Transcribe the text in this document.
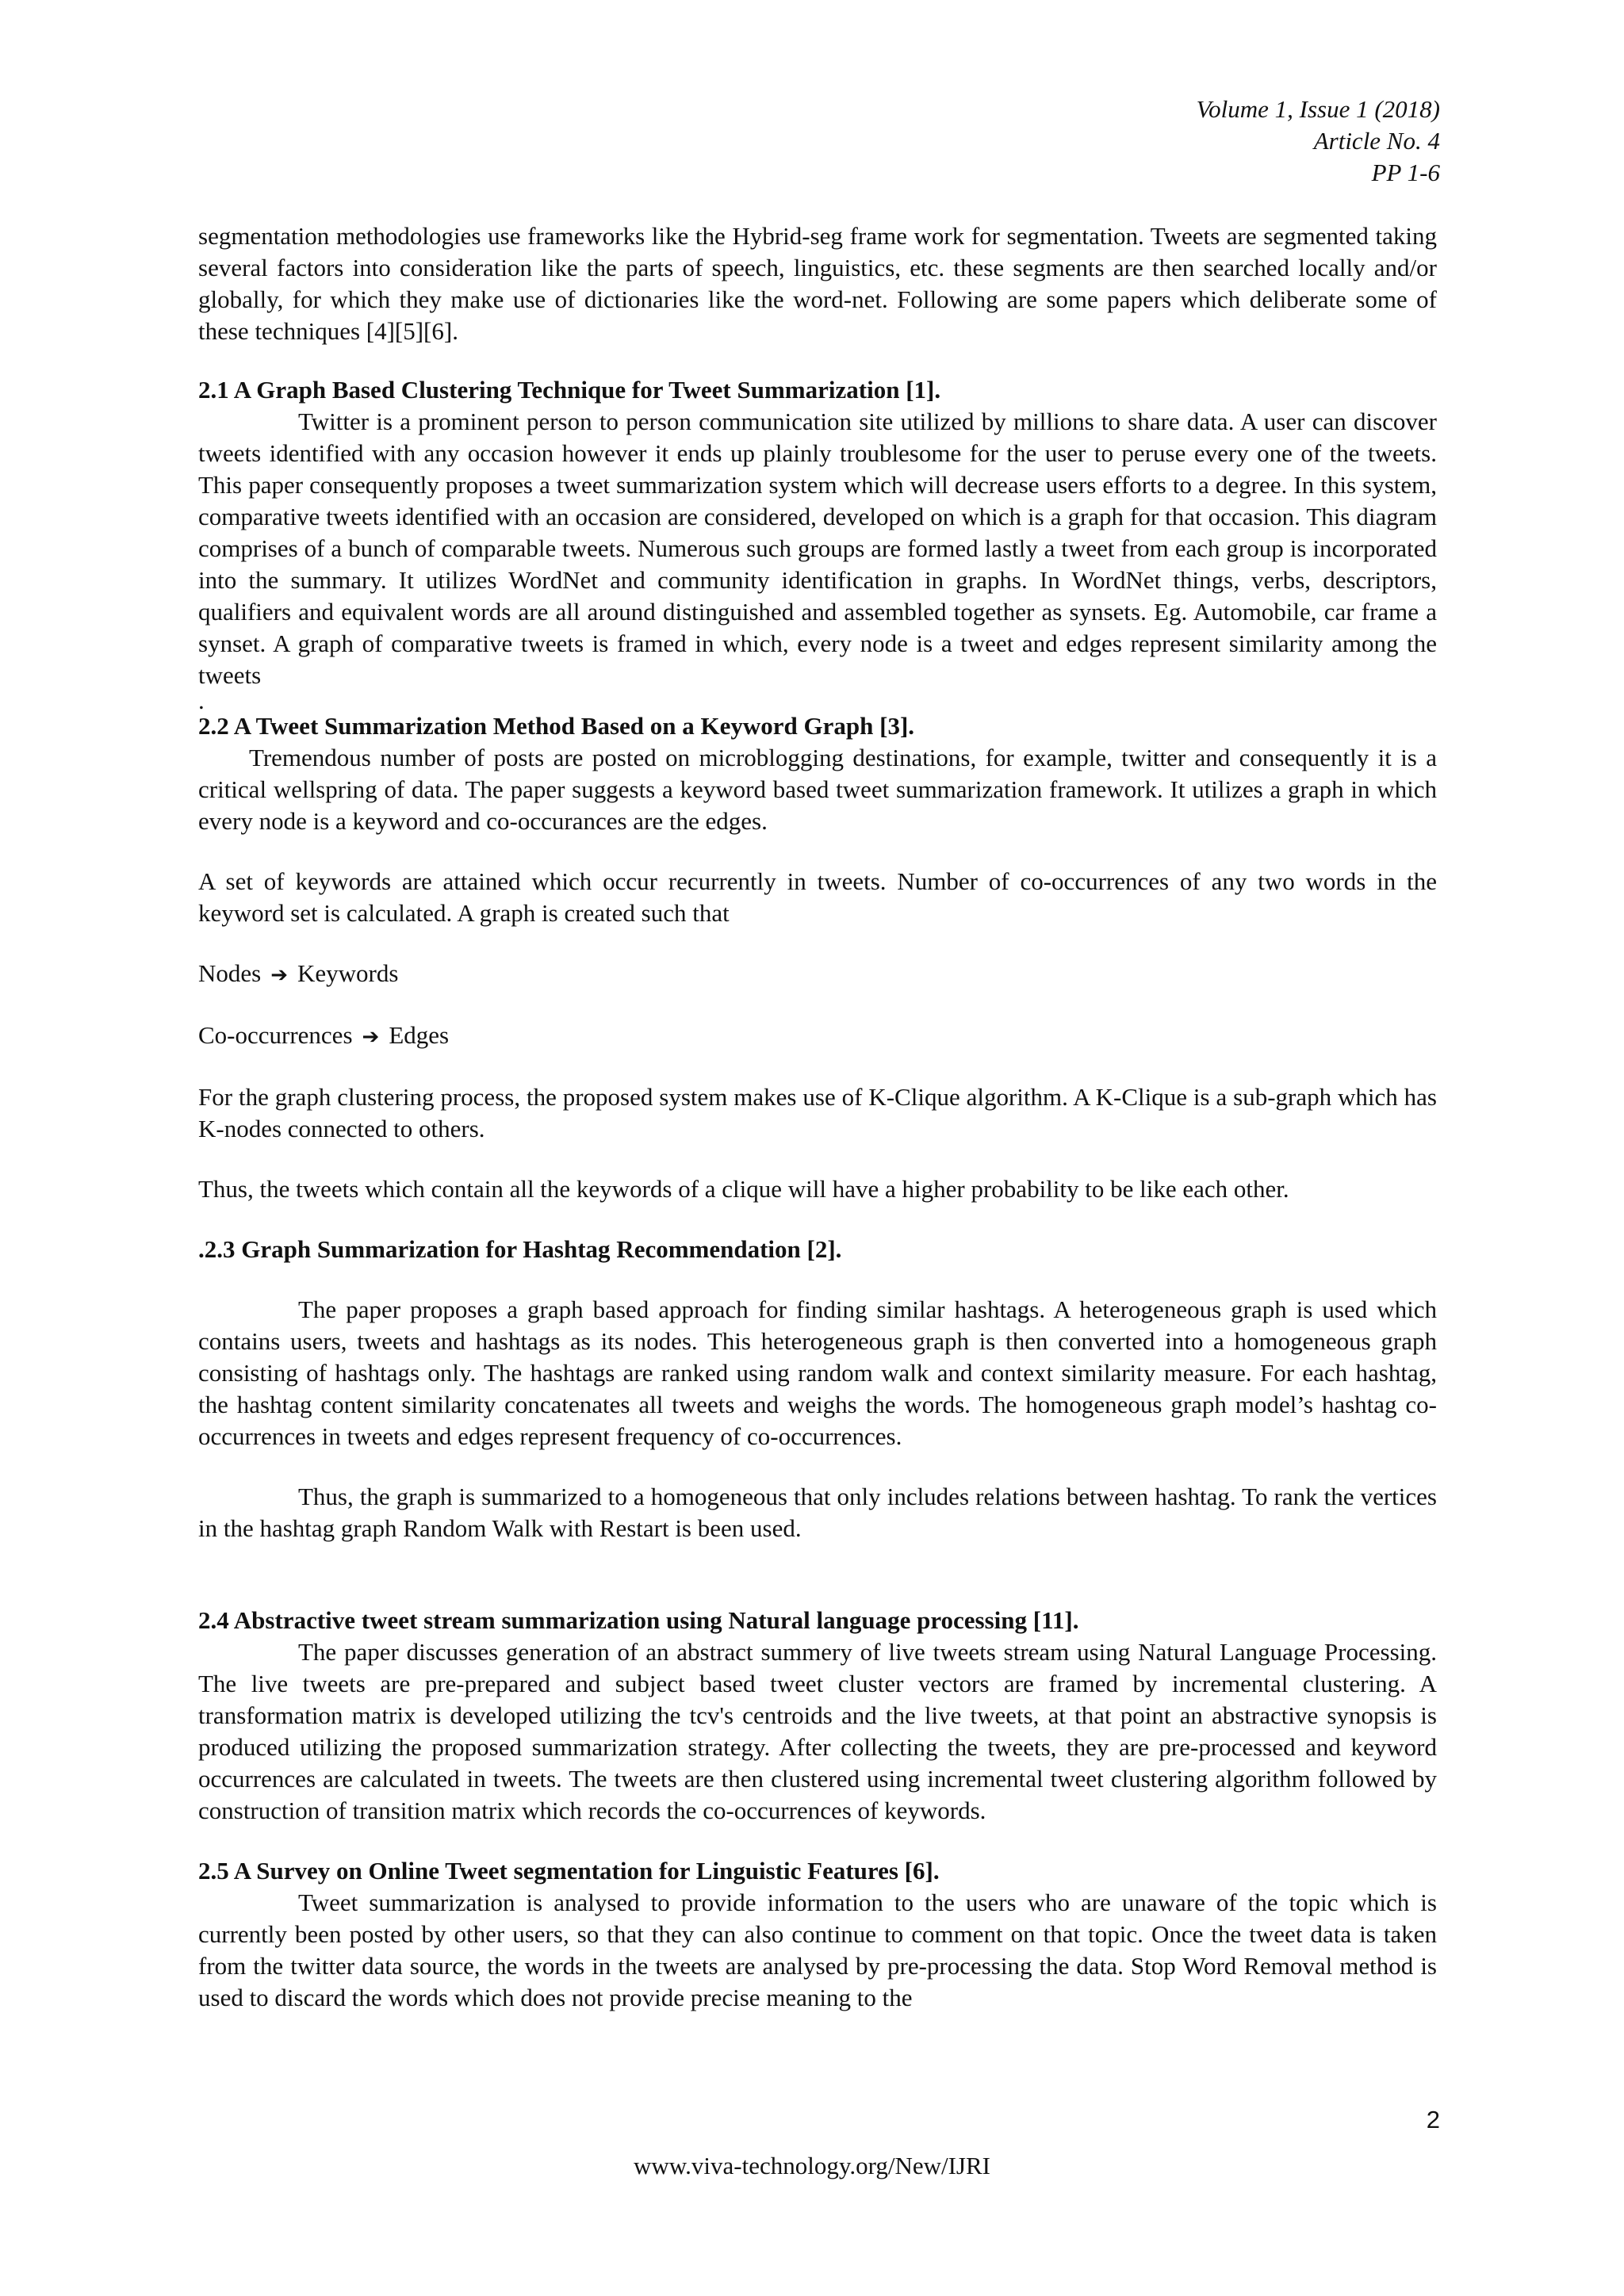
Volume 1, Issue 1 (2018)
Article No. 4
PP 1-6

segmentation methodologies use frameworks like the Hybrid-seg frame work for segmentation. Tweets are segmented taking several factors into consideration like the parts of speech, linguistics, etc. these segments are then searched locally and/or globally, for which they make use of dictionaries like the word-net. Following are some papers which deliberate some of these techniques [4][5][6].

2.1 A Graph Based Clustering Technique for Tweet Summarization [1].

Twitter is a prominent person to person communication site utilized by millions to share data. A user can discover tweets identified with any occasion however it ends up plainly troublesome for the user to peruse every one of the tweets. This paper consequently proposes a tweet summarization system which will decrease users efforts to a degree. In this system, comparative tweets identified with an occasion are considered, developed on which is a graph for that occasion. This diagram comprises of a bunch of comparable tweets. Numerous such groups are formed lastly a tweet from each group is incorporated into the summary. It utilizes WordNet and community identification in graphs. In WordNet things, verbs, descriptors, qualifiers and equivalent words are all around distinguished and assembled together as synsets. Eg. Automobile, car frame a synset. A graph of comparative tweets is framed in which, every node is a tweet and edges represent similarity among the tweets

.
2.2 A Tweet Summarization Method Based on a Keyword Graph [3].

Tremendous number of posts are posted on microblogging destinations, for example, twitter and consequently it is a critical wellspring of data. The paper suggests a keyword based tweet summarization framework. It utilizes a graph in which every node is a keyword and co-occurances are the edges.

A set of keywords are attained which occur recurrently in tweets. Number of co-occurrences of any two words in the keyword set is calculated. A graph is created such that

Nodes ➔ Keywords
Co-occurrences ➔ Edges

For the graph clustering process, the proposed system makes use of K-Clique algorithm. A K-Clique is a sub-graph which has K-nodes connected to others.

Thus, the tweets which contain all the keywords of a clique will have a higher probability to be like each other.

.2.3 Graph Summarization for Hashtag Recommendation [2].

The paper proposes a graph based approach for finding similar hashtags. A heterogeneous graph is used which contains users, tweets and hashtags as its nodes. This heterogeneous graph is then converted into a homogeneous graph consisting of hashtags only. The hashtags are ranked using random walk and context similarity measure. For each hashtag, the hashtag content similarity concatenates all tweets and weighs the words. The homogeneous graph model’s hashtag co-occurrences in tweets and edges represent frequency of co-occurrences.

Thus, the graph is summarized to a homogeneous that only includes relations between hashtag. To rank the vertices in the hashtag graph Random Walk with Restart is been used.

2.4 Abstractive tweet stream summarization using Natural language processing [11].

The paper discusses generation of an abstract summery of live tweets stream using Natural Language Processing. The live tweets are pre-prepared and subject based tweet cluster vectors are framed by incremental clustering. A transformation matrix is developed utilizing the tcv's centroids and the live tweets, at that point an abstractive synopsis is produced utilizing the proposed summarization strategy. After collecting the tweets, they are pre-processed and keyword occurrences are calculated in tweets. The tweets are then clustered using incremental tweet clustering algorithm followed by construction of transition matrix which records the co-occurrences of keywords.

2.5 A Survey on Online Tweet segmentation for Linguistic Features [6].

Tweet summarization is analysed to provide information to the users who are unaware of the topic which is currently been posted by other users, so that they can also continue to comment on that topic. Once the tweet data is taken from the twitter data source, the words in the tweets are analysed by pre-processing the data. Stop Word Removal method is used to discard the words which does not provide precise meaning to the

2
www.viva-technology.org/New/IJRI
